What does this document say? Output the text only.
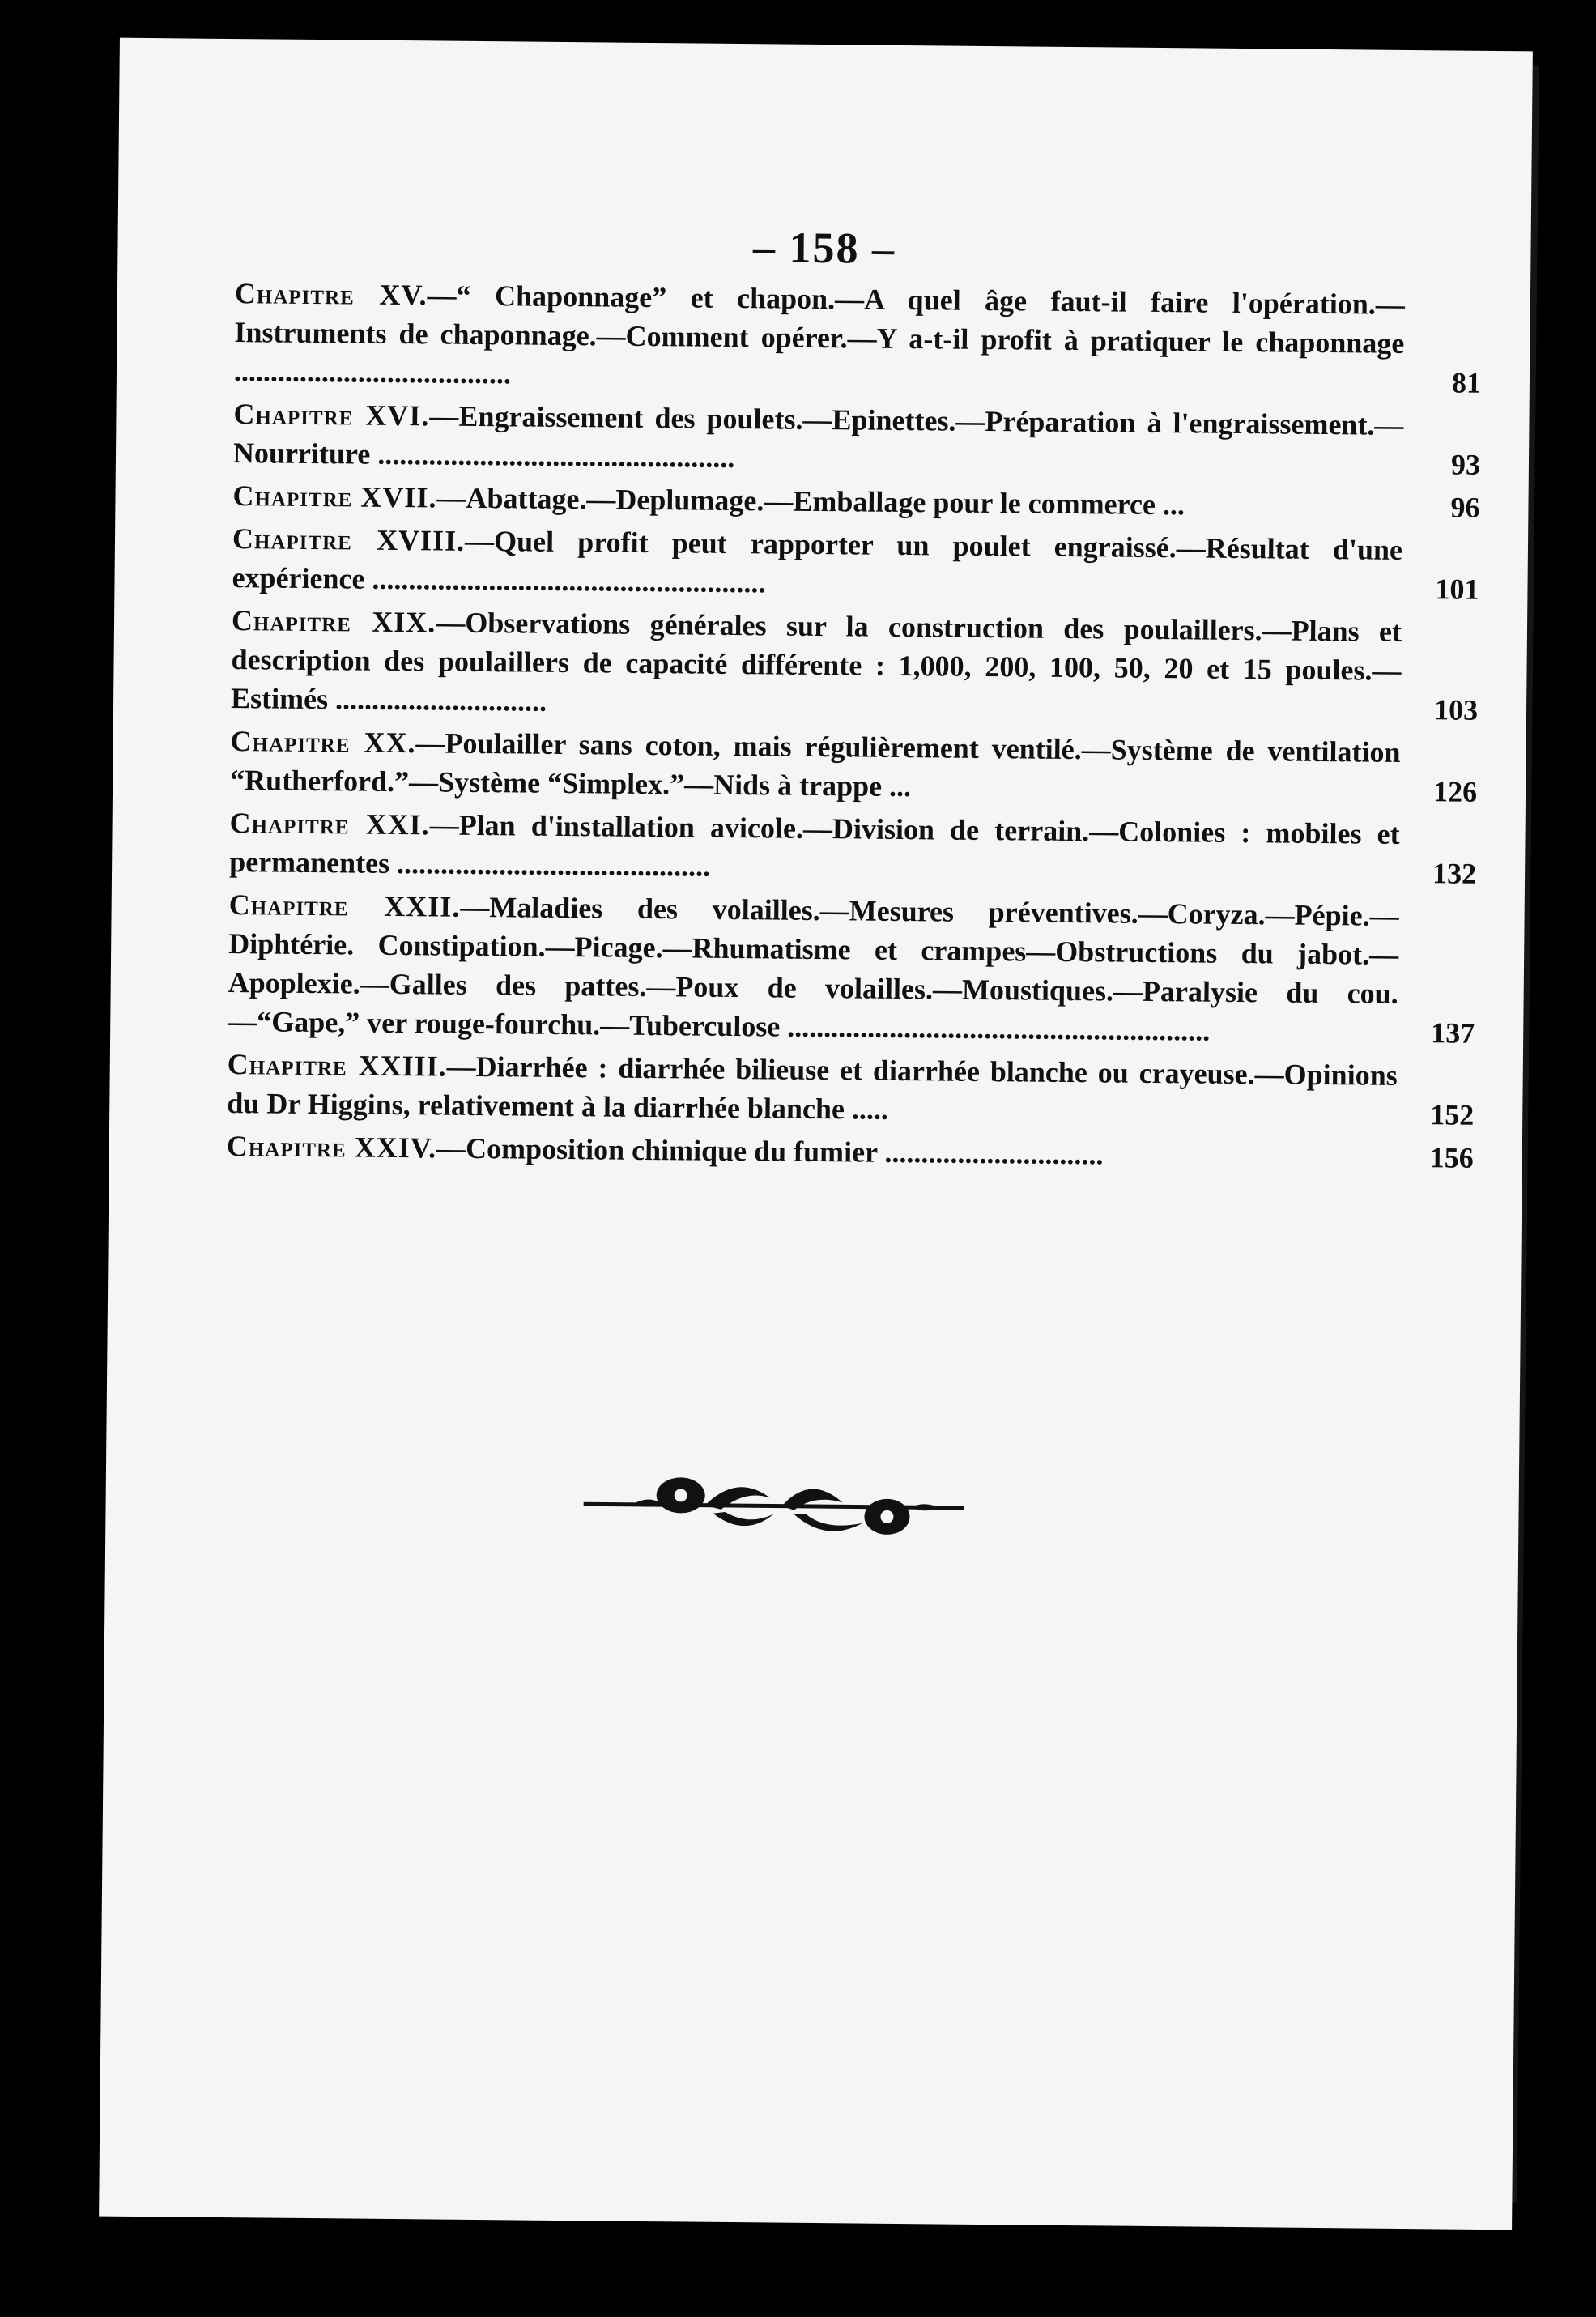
– 158 –
Chapitre XV.—“ Chaponnage” et chapon.—A quel âge faut-il faire l'opération.—Instruments de chaponnage.—Comment opérer.—Y a-t-il profit à pratiquer le chaponnage ......................................	81
Chapitre XVI.—Engraissement des poulets.—Epinettes.—Préparation à l'engraissement.—Nourriture .................................................	93
Chapitre XVII.—Abattage.—Deplumage.—Emballage pour le commerce ...	96
Chapitre XVIII.—Quel profit peut rapporter un poulet engraissé.—Résultat d'une expérience ......................................................	101
Chapitre XIX.—Observations générales sur la construction des poulaillers.—Plans et description des poulaillers de capacité différente : 1,000, 200, 100, 50, 20 et 15 poules.—Estimés .............................	103
Chapitre XX.—Poulailler sans coton, mais régulièrement ventilé.—Système de ventilation “Rutherford.”—Système “Simplex.”—Nids à trappe ...	126
Chapitre XXI.—Plan d'installation avicole.—Division de terrain.—Colonies : mobiles et permanentes ...........................................	132
Chapitre XXII.—Maladies des volailles.—Mesures préventives.—Coryza.—Pépie.—Diphtérie. Constipation.—Picage.—Rhumatisme et crampes—Obstructions du jabot.—Apoplexie.—Galles des pattes.—Poux de volailles.—Moustiques.—Paralysie du cou.—“Gape,” ver rouge-fourchu.—Tuberculose ..........................................................	137
Chapitre XXIII.—Diarrhée : diarrhée bilieuse et diarrhée blanche ou crayeuse.—Opinions du Dr Higgins, relativement à la diarrhée blanche .....	152
Chapitre XXIV.—Composition chimique du fumier ..............................	156
